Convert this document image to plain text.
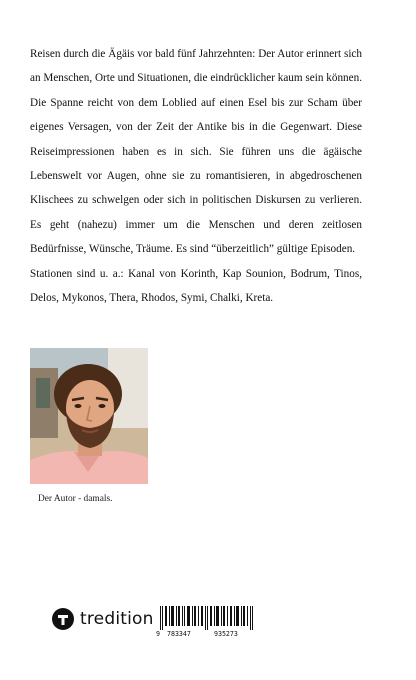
Reisen durch die Ägäis vor bald fünf Jahrzehnten: Der Autor erinnert sich an Menschen, Orte und Situationen, die eindrücklicher kaum sein können. Die Spanne reicht von dem Loblied auf einen Esel bis zur Scham über eigenes Versagen, von der Zeit der Antike bis in die Gegenwart. Diese Reiseimpressionen haben es in sich. Sie führen uns die ägäische Lebenswelt vor Augen, ohne sie zu romantisieren, in abgedroschenen Klischees zu schwelgen oder sich in politischen Diskursen zu verlieren. Es geht (nahezu) immer um die Menschen und deren zeitlosen Bedürfnisse, Wünsche, Träume. Es sind “überzeitlich” gültige Episoden.

Stationen sind u. a.: Kanal von Korinth, Kap Sounion, Bodrum, Tinos, Delos, Mykonos, Thera, Rhodos, Symi, Chalki, Kreta.

Der Autor - damals.
tredition
9 783347	935273
